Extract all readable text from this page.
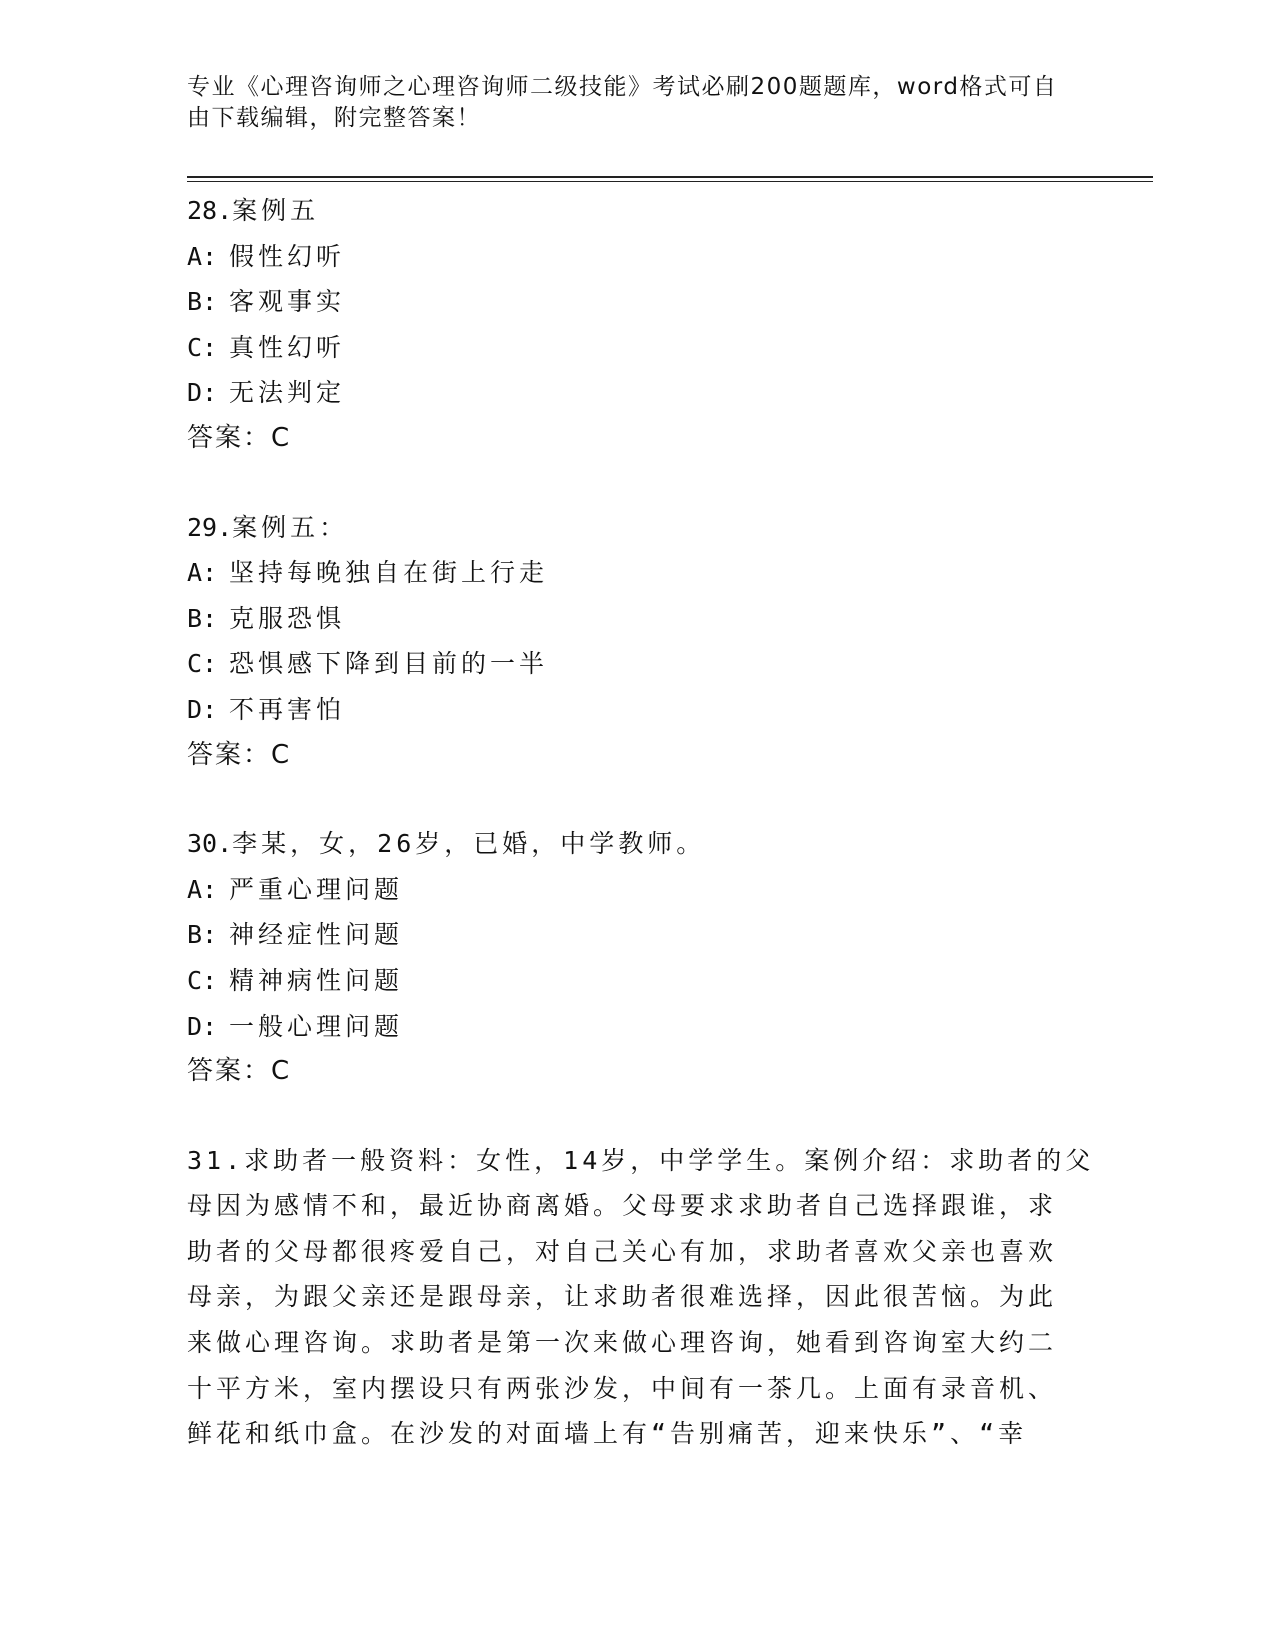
专业《心理咨询师之心理咨询师二级技能》考试必刷200题题库，word格式可自由下载编辑，附完整答案！
28.案例五
A: 假性幻听
B: 客观事实
C: 真性幻听
D: 无法判定
答案：C
29.案例五：
A: 坚持每晚独自在街上行走
B: 克服恐惧
C: 恐惧感下降到目前的一半
D: 不再害怕
答案：C
30.李某，女，26岁，已婚，中学教师。
A: 严重心理问题
B: 神经症性问题
C: 精神病性问题
D: 一般心理问题
答案：C
31.求助者一般资料：女性，14岁，中学学生。案例介绍：求助者的父
母因为感情不和，最近协商离婚。父母要求求助者自己选择跟谁，求
助者的父母都很疼爱自己，对自己关心有加，求助者喜欢父亲也喜欢
母亲，为跟父亲还是跟母亲，让求助者很难选择，因此很苦恼。为此
来做心理咨询。求助者是第一次来做心理咨询，她看到咨询室大约二
十平方米，室内摆设只有两张沙发，中间有一茶几。上面有录音机、
鲜花和纸巾盒。在沙发的对面墙上有“告别痛苦，迎来快乐”、“幸
